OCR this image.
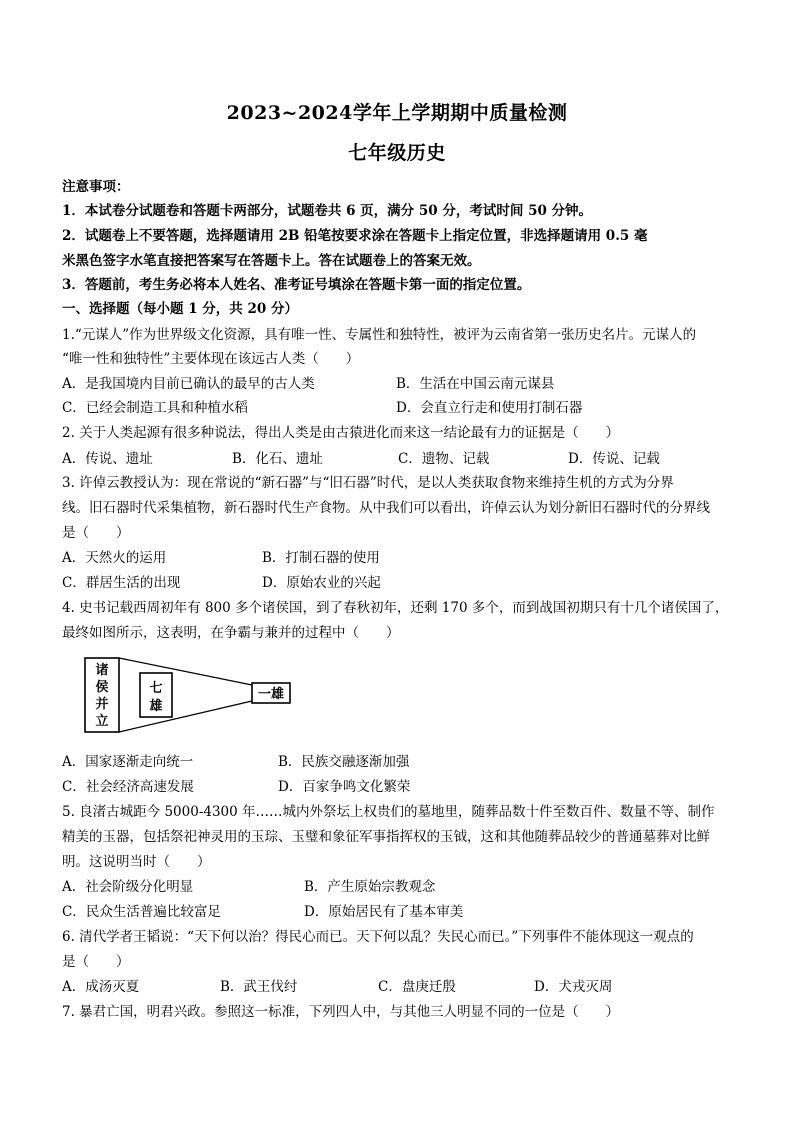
2023~2024学年上学期期中质量检测
七年级历史
注意事项：
1．本试卷分试题卷和答题卡两部分，试题卷共 6 页，满分 50 分，考试时间 50 分钟。
2．试题卷上不要答题，选择题请用 2B 铅笔按要求涂在答题卡上指定位置，非选择题请用 0.5 毫
米黑色签字水笔直接把答案写在答题卡上。答在试题卷上的答案无效。
3．答题前，考生务必将本人姓名、准考证号填涂在答题卡第一面的指定位置。
一、选择题（每小题 1 分，共 20 分）
1.“元谋人”作为世界级文化资源，具有唯一性、专属性和独特性，被评为云南省第一张历史名片。元谋人的
“唯一性和独特性”主要体现在该远古人类（　　）
A．是我国境内目前已确认的最早的古人类	B．生活在中国云南元谋县
C．已经会制造工具和种植水稻	D．会直立行走和使用打制石器
2. 关于人类起源有很多种说法，得出人类是由古猿进化而来这一结论最有力的证据是（　　）
A．传说、遗址	B．化石、遗址	C．遗物、记载	D．传说、记载
3. 许倬云教授认为：现在常说的“新石器”与“旧石器”时代，是以人类获取食物来维持生机的方式为分界
线。旧石器时代采集植物，新石器时代生产食物。从中我们可以看出，许倬云认为划分新旧石器时代的分界线
是（　　）
A．天然火的运用	B．打制石器的使用
C．群居生活的出现	D．原始农业的兴起
4. 史书记载西周初年有 800 多个诸侯国，到了春秋初年，还剩 170 多个，而到战国初期只有十几个诸侯国了，
最终如图所示，这表明，在争霸与兼并的过程中（　　）
诸
侯
并
立
七
雄
一雄
A．国家逐渐走向统一	B．民族交融逐渐加强
C．社会经济高速发展	D．百家争鸣文化繁荣
5. 良渚古城距今 5000-4300 年……城内外祭坛上权贵们的墓地里，随葬品数十件至数百件、数量不等、制作
精美的玉器，包括祭祀神灵用的玉琮、玉璧和象征军事指挥权的玉钺，这和其他随葬品较少的普通墓葬对比鲜
明。这说明当时（　　）
A．社会阶级分化明显	B．产生原始宗教观念
C．民众生活普遍比较富足	D．原始居民有了基本审美
6. 清代学者王韬说：“天下何以治？得民心而已。天下何以乱？失民心而已。”下列事件不能体现这一观点的
是（　　）
A．成汤灭夏	B．武王伐纣	C．盘庚迁殷	D．犬戎灭周
7. 暴君亡国，明君兴政。参照这一标准，下列四人中，与其他三人明显不同的一位是（　　）
